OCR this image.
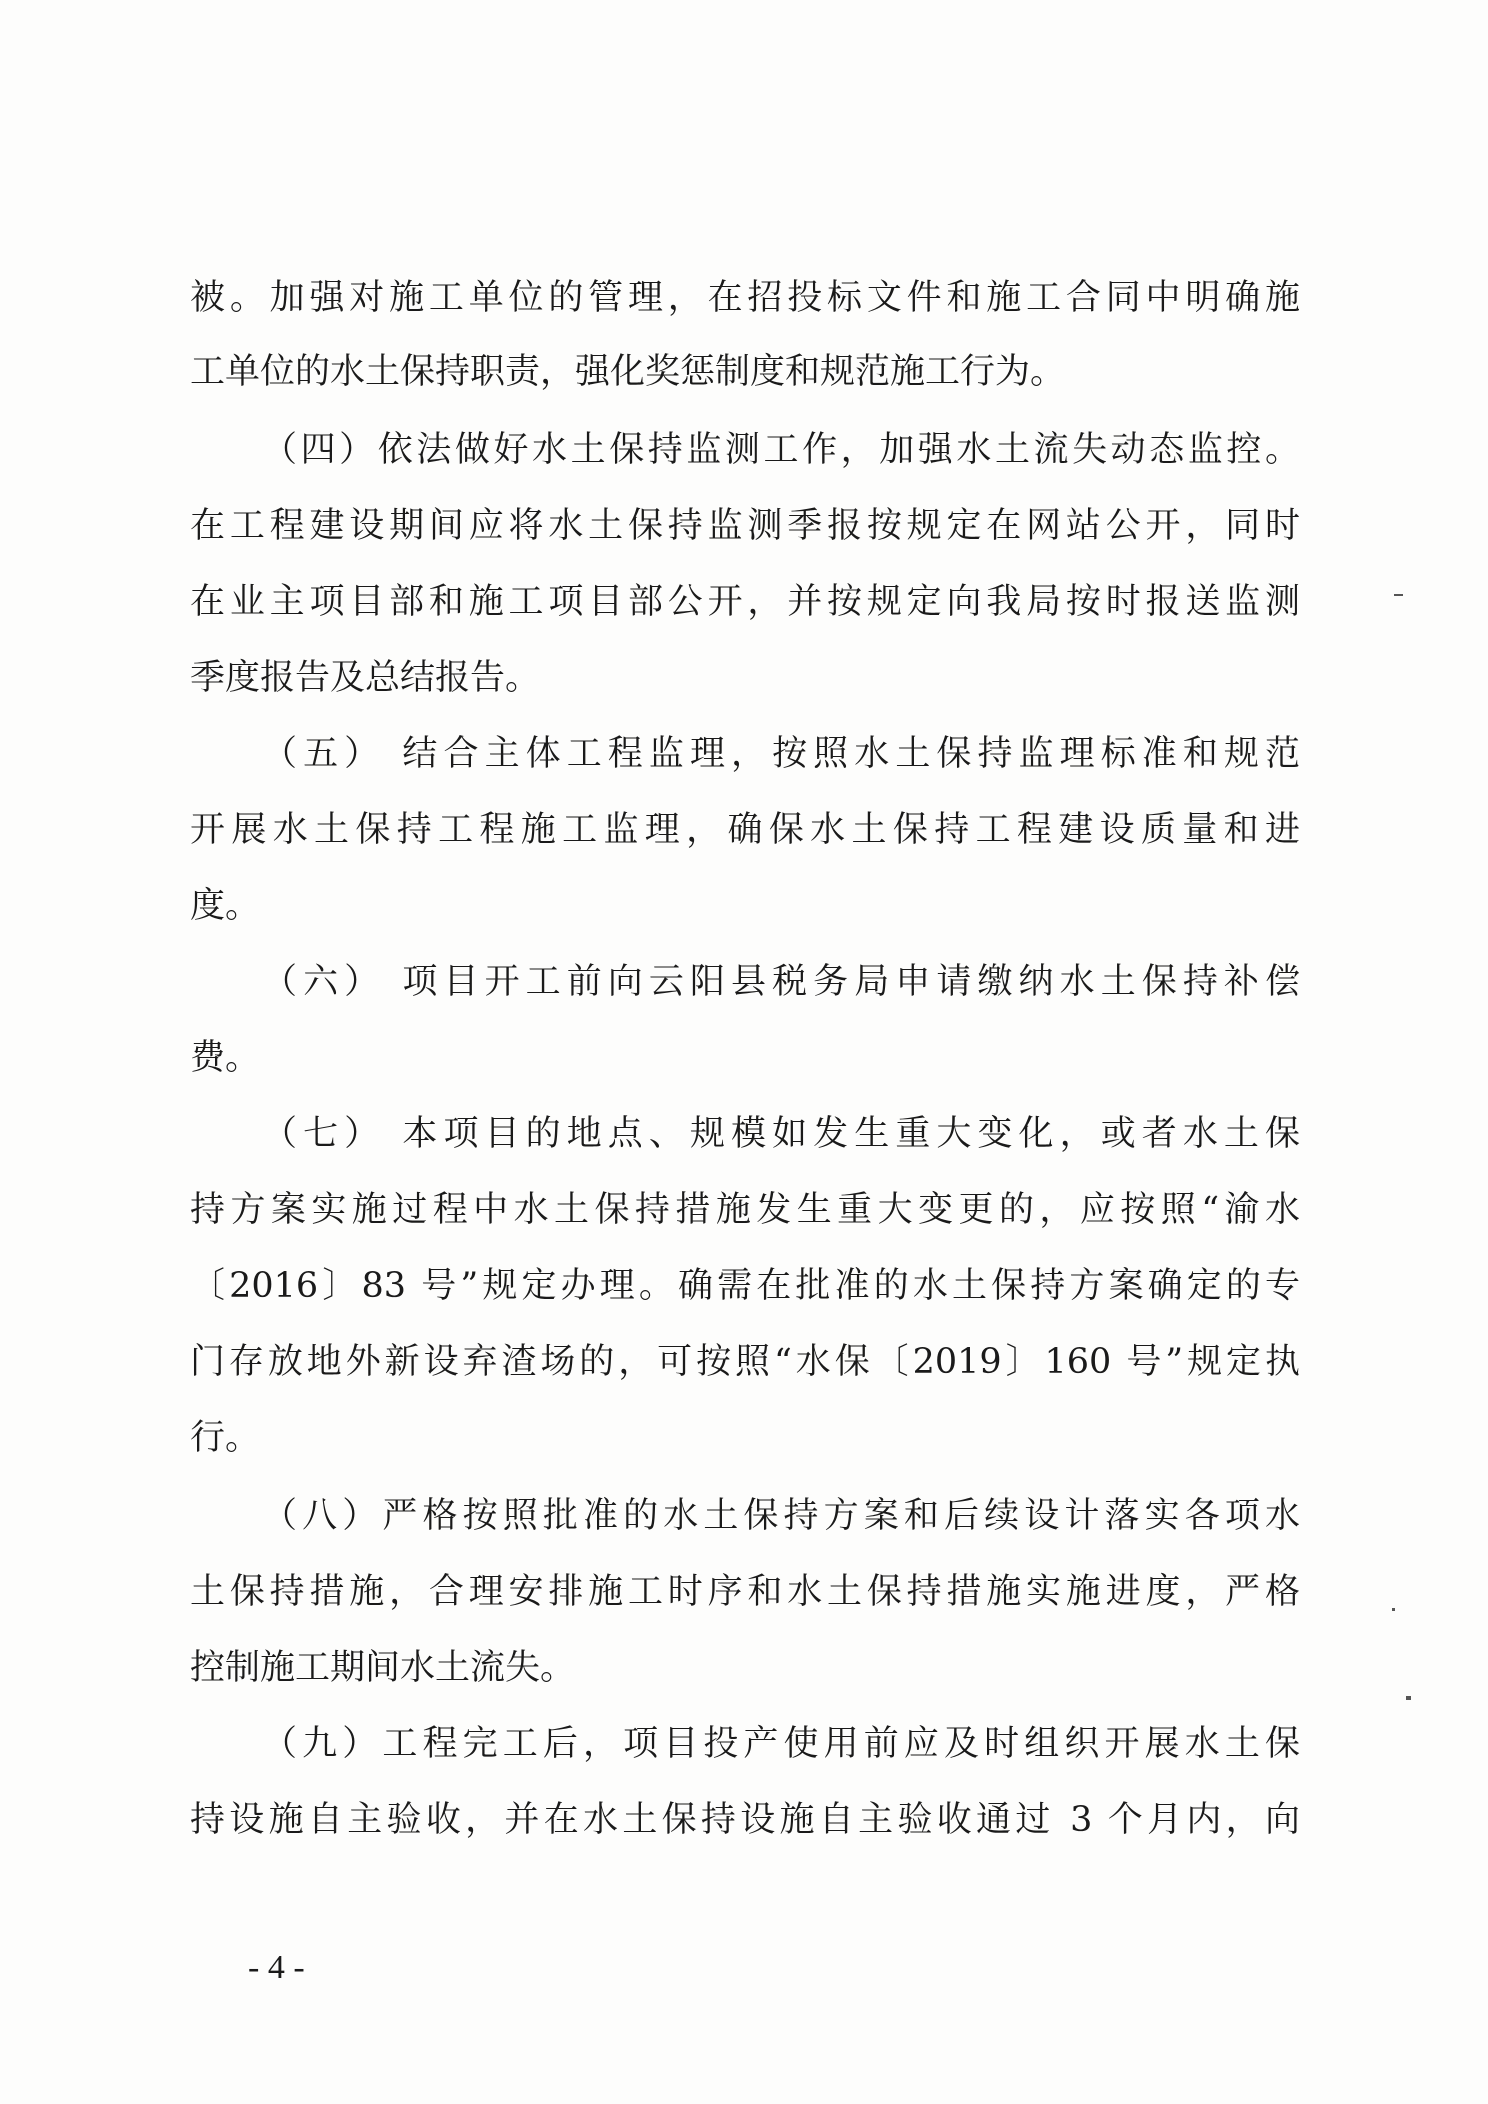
被。加强对施工单位的管理，在招投标文件和施工合同中明确施
工单位的水土保持职责，强化奖惩制度和规范施工行为。
（四）依法做好水土保持监测工作，加强水土流失动态监控。
在工程建设期间应将水土保持监测季报按规定在网站公开，同时
在业主项目部和施工项目部公开，并按规定向我局按时报送监测
季度报告及总结报告。
（五） 结合主体工程监理，按照水土保持监理标准和规范
开展水土保持工程施工监理，确保水土保持工程建设质量和进
度。
（六） 项目开工前向云阳县税务局申请缴纳水土保持补偿
费。
（七） 本项目的地点、规模如发生重大变化，或者水土保
持方案实施过程中水土保持措施发生重大变更的，应按照“渝水
〔2016〕83 号”规定办理。确需在批准的水土保持方案确定的专
门存放地外新设弃渣场的，可按照“水保〔2019〕160 号”规定执
行。
（八）严格按照批准的水土保持方案和后续设计落实各项水
土保持措施，合理安排施工时序和水土保持措施实施进度，严格
控制施工期间水土流失。
（九）工程完工后，项目投产使用前应及时组织开展水土保
持设施自主验收，并在水土保持设施自主验收通过 3 个月内，向
- 4 -
